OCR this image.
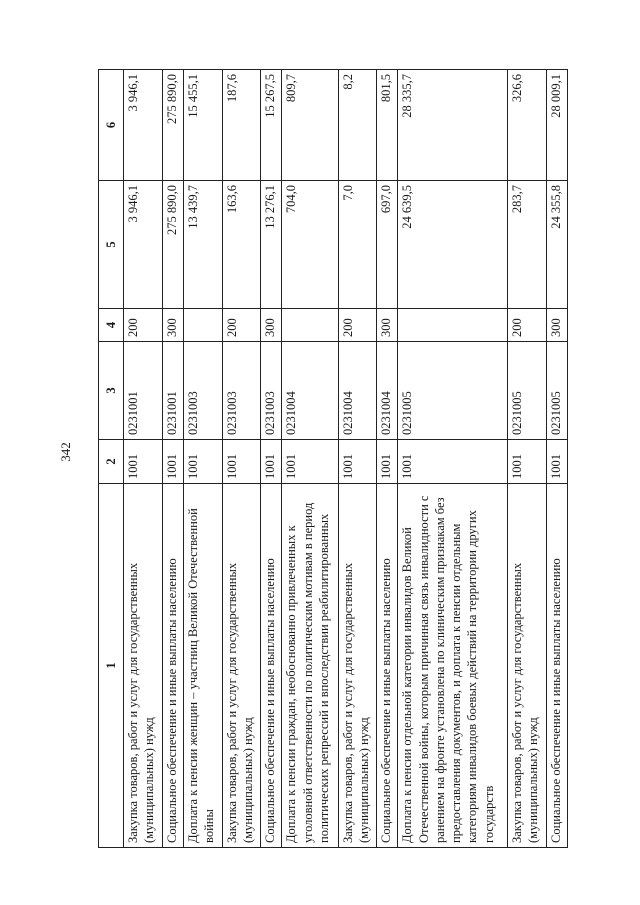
342
1	2	3	4	5	6
Закупка товаров, работ и услуг для государственных (муниципальных) нужд	1001	0231001	200	3 946,1	3 946,1
Социальное обеспечение и иные выплаты населению	1001	0231001	300	275 890,0	275 890,0
Доплата к пенсии женщин – участниц Великой Отечественной войны	1001	0231003		13 439,7	15 455,1
Закупка товаров, работ и услуг для государственных (муниципальных) нужд	1001	0231003	200	163,6	187,6
Социальное обеспечение и иные выплаты населению	1001	0231003	300	13 276,1	15 267,5
Доплата к пенсии граждан, необоснованно привлеченных к уголовной ответственности по политическим мотивам в период политических репрессий и впоследствии реабилитированных	1001	0231004		704,0	809,7
Закупка товаров, работ и услуг для государственных (муниципальных) нужд	1001	0231004	200	7,0	8,2
Социальное обеспечение и иные выплаты населению	1001	0231004	300	697,0	801,5
Доплата к пенсии отдельной категории инвалидов Великой Отечественной войны, которым причинная связь инвалидности с ранением на фронте установлена по клиническим признакам без предоставления документов, и доплата к пенсии отдельным категориям инвалидов боевых действий на территории других государств	1001	0231005		24 639,5	28 335,7
Закупка товаров, работ и услуг для государственных (муниципальных) нужд	1001	0231005	200	283,7	326,6
Социальное обеспечение и иные выплаты населению	1001	0231005	300	24 355,8	28 009,1
